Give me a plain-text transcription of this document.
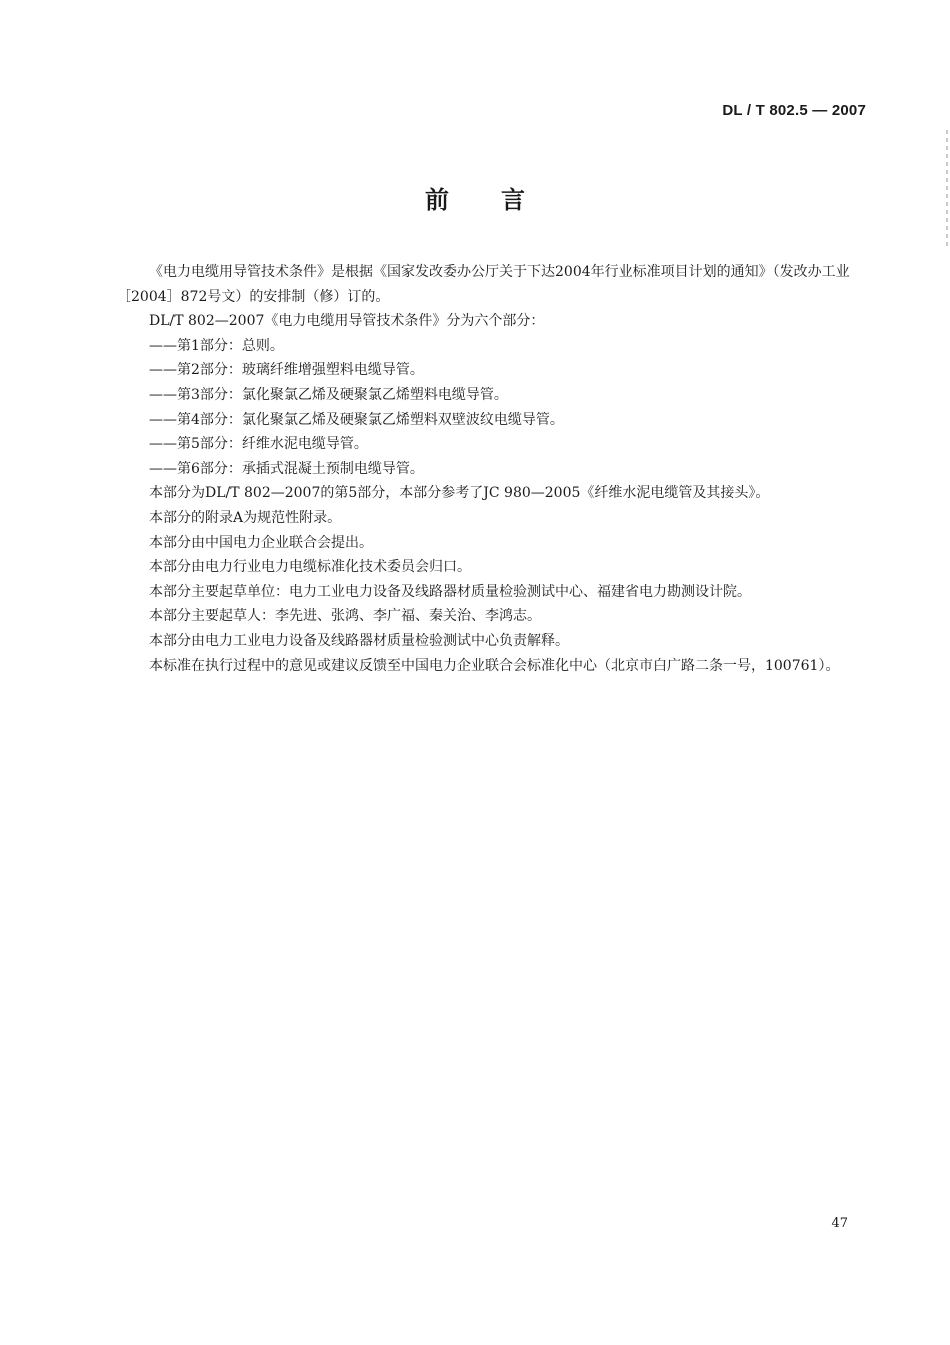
DL / T 802.5 — 2007
前言

《电力电缆用导管技术条件》是根据《国家发改委办公厅关于下达2004年行业标准项目计划的通知》（发改办工业［2004］872号文）的安排制（修）订的。

DL/T 802—2007《电力电缆用导管技术条件》分为六个部分：

——第1部分：总则。

——第2部分：玻璃纤维增强塑料电缆导管。

——第3部分：氯化聚氯乙烯及硬聚氯乙烯塑料电缆导管。

——第4部分：氯化聚氯乙烯及硬聚氯乙烯塑料双壁波纹电缆导管。

——第5部分：纤维水泥电缆导管。

——第6部分：承插式混凝土预制电缆导管。

本部分为DL/T 802—2007的第5部分，本部分参考了JC 980—2005《纤维水泥电缆管及其接头》。

本部分的附录A为规范性附录。

本部分由中国电力企业联合会提出。

本部分由电力行业电力电缆标准化技术委员会归口。

本部分主要起草单位：电力工业电力设备及线路器材质量检验测试中心、福建省电力勘测设计院。

本部分主要起草人：李先进、张鸿、李广福、秦关治、李鸿志。

本部分由电力工业电力设备及线路器材质量检验测试中心负责解释。

本标准在执行过程中的意见或建议反馈至中国电力企业联合会标准化中心（北京市白广路二条一号，100761）。

47
